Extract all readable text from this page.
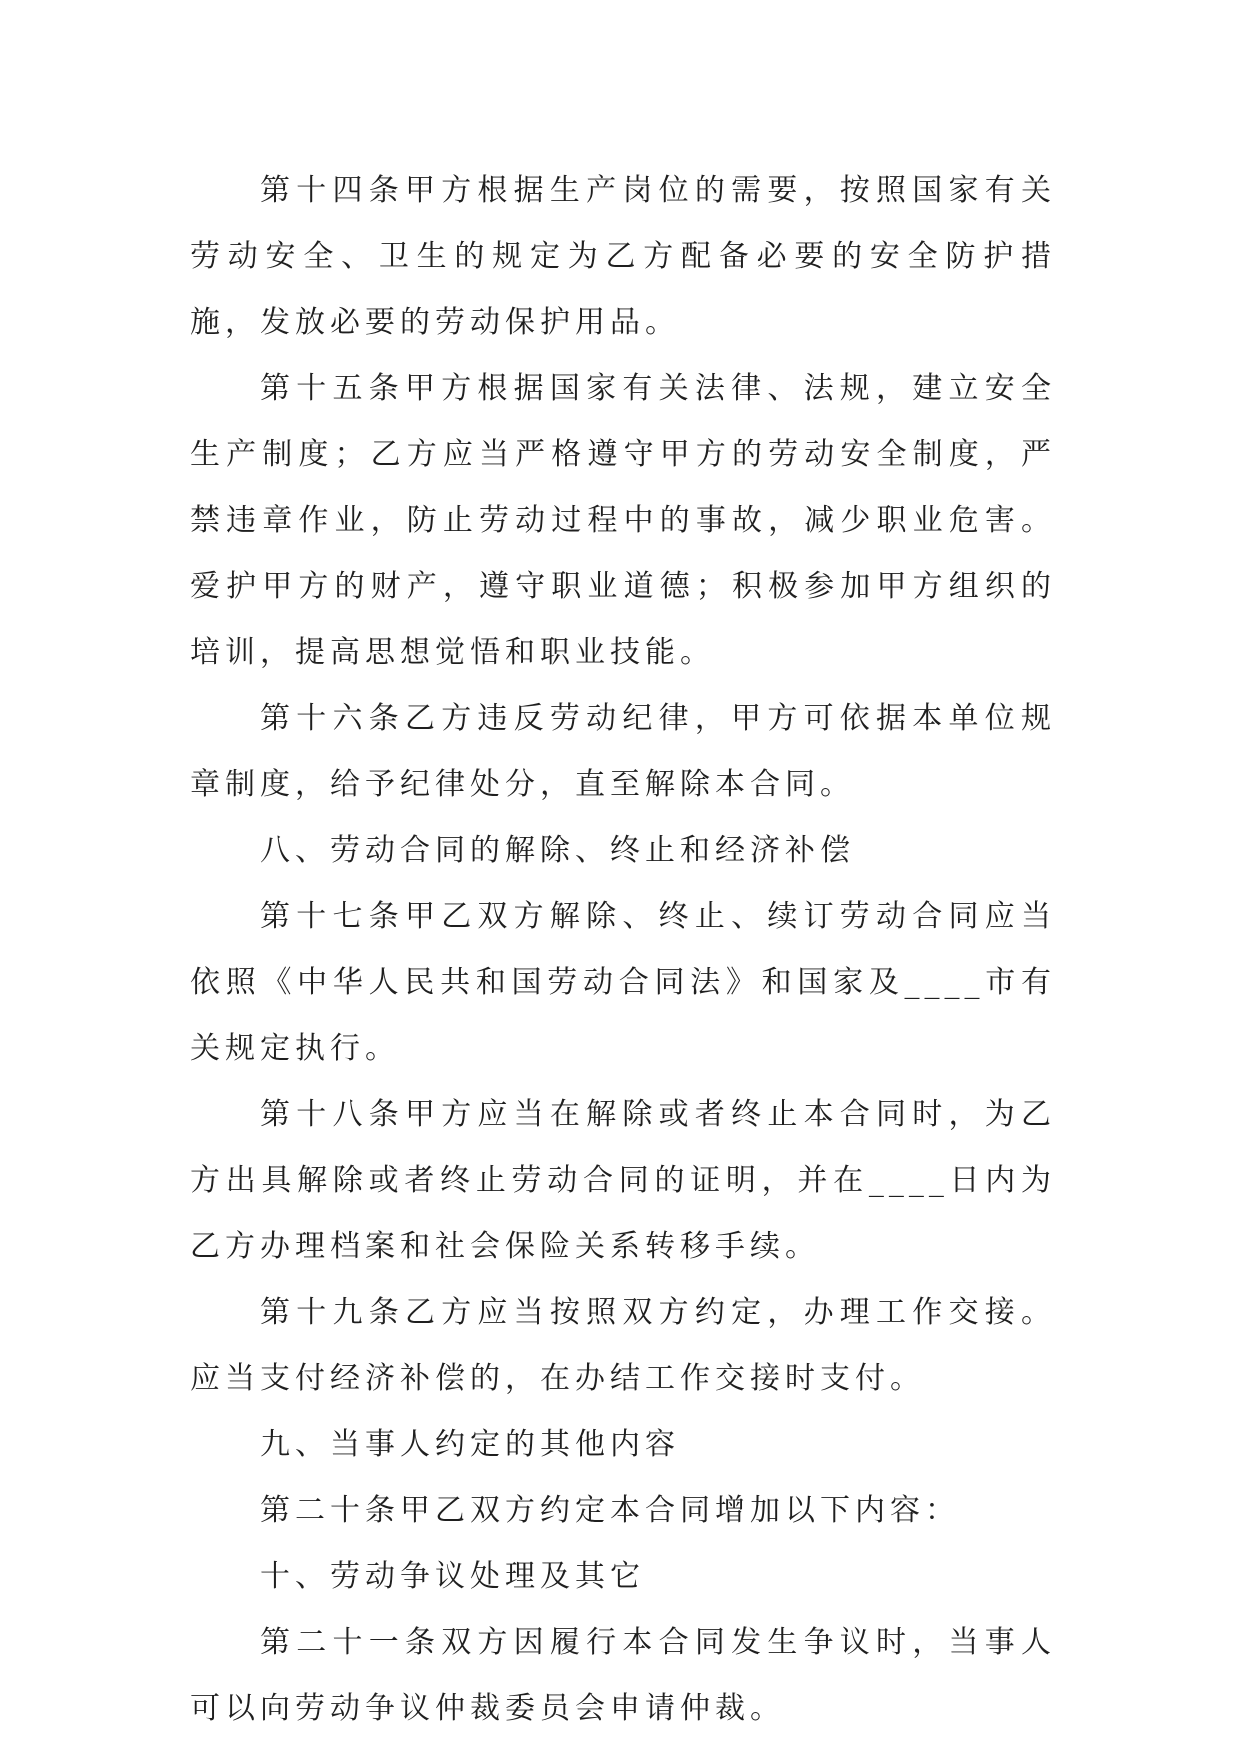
第十四条甲方根据生产岗位的需要，按照国家有关劳动安全、卫生的规定为乙方配备必要的安全防护措施，发放必要的劳动保护用品。

第十五条甲方根据国家有关法律、法规，建立安全生产制度；乙方应当严格遵守甲方的劳动安全制度，严禁违章作业，防止劳动过程中的事故，减少职业危害。爱护甲方的财产，遵守职业道德；积极参加甲方组织的培训，提高思想觉悟和职业技能。

第十六条乙方违反劳动纪律，甲方可依据本单位规章制度，给予纪律处分，直至解除本合同。

八、劳动合同的解除、终止和经济补偿

第十七条甲乙双方解除、终止、续订劳动合同应当依照《中华人民共和国劳动合同法》和国家及____市有关规定执行。

第十八条甲方应当在解除或者终止本合同时，为乙方出具解除或者终止劳动合同的证明，并在____日内为乙方办理档案和社会保险关系转移手续。

第十九条乙方应当按照双方约定，办理工作交接。应当支付经济补偿的，在办结工作交接时支付。

九、当事人约定的其他内容

第二十条甲乙双方约定本合同增加以下内容：

十、劳动争议处理及其它

第二十一条双方因履行本合同发生争议时，当事人可以向劳动争议仲裁委员会申请仲裁。
